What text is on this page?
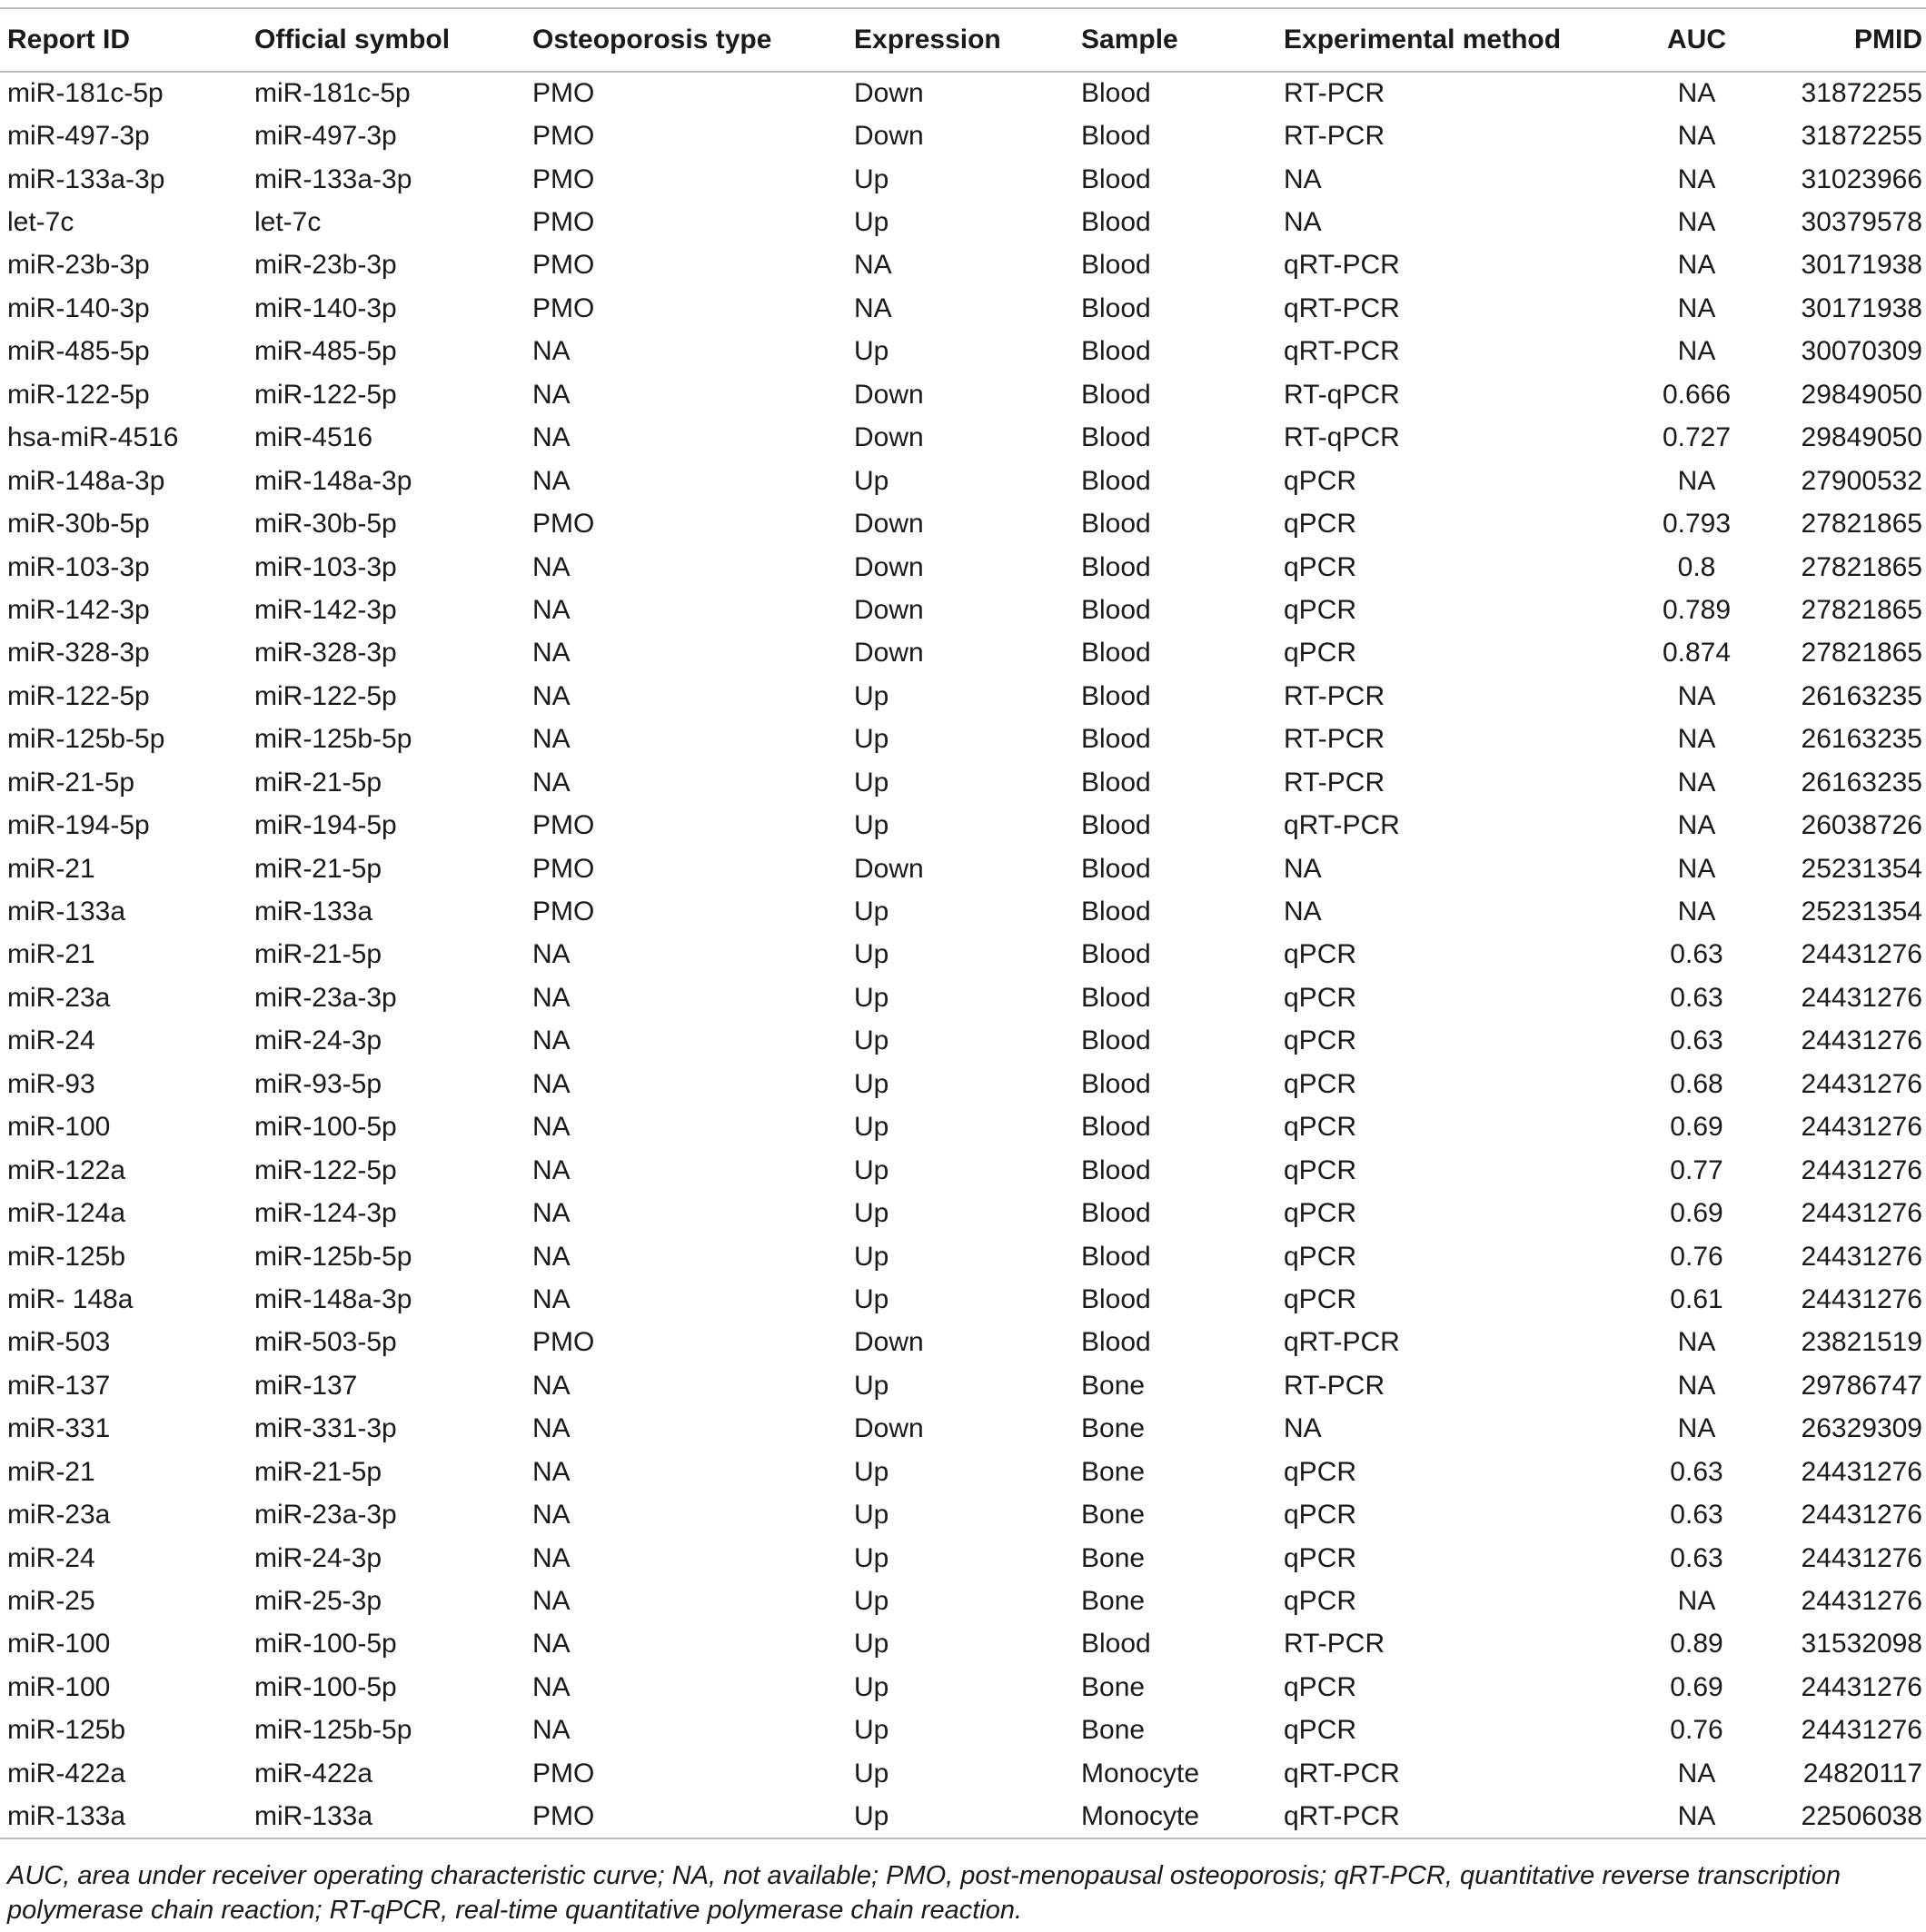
Report ID	Official symbol	Osteoporosis type	Expression	Sample	Experimental method	AUC	PMID
miR-181c-5p	miR-181c-5p	PMO	Down	Blood	RT-PCR	NA	31872255
miR-497-3p	miR-497-3p	PMO	Down	Blood	RT-PCR	NA	31872255
miR-133a-3p	miR-133a-3p	PMO	Up	Blood	NA	NA	31023966
let-7c	let-7c	PMO	Up	Blood	NA	NA	30379578
miR-23b-3p	miR-23b-3p	PMO	NA	Blood	qRT-PCR	NA	30171938
miR-140-3p	miR-140-3p	PMO	NA	Blood	qRT-PCR	NA	30171938
miR-485-5p	miR-485-5p	NA	Up	Blood	qRT-PCR	NA	30070309
miR-122-5p	miR-122-5p	NA	Down	Blood	RT-qPCR	0.666	29849050
hsa-miR-4516	miR-4516	NA	Down	Blood	RT-qPCR	0.727	29849050
miR-148a-3p	miR-148a-3p	NA	Up	Blood	qPCR	NA	27900532
miR-30b-5p	miR-30b-5p	PMO	Down	Blood	qPCR	0.793	27821865
miR-103-3p	miR-103-3p	NA	Down	Blood	qPCR	0.8	27821865
miR-142-3p	miR-142-3p	NA	Down	Blood	qPCR	0.789	27821865
miR-328-3p	miR-328-3p	NA	Down	Blood	qPCR	0.874	27821865
miR-122-5p	miR-122-5p	NA	Up	Blood	RT-PCR	NA	26163235
miR-125b-5p	miR-125b-5p	NA	Up	Blood	RT-PCR	NA	26163235
miR-21-5p	miR-21-5p	NA	Up	Blood	RT-PCR	NA	26163235
miR-194-5p	miR-194-5p	PMO	Up	Blood	qRT-PCR	NA	26038726
miR-21	miR-21-5p	PMO	Down	Blood	NA	NA	25231354
miR-133a	miR-133a	PMO	Up	Blood	NA	NA	25231354
miR-21	miR-21-5p	NA	Up	Blood	qPCR	0.63	24431276
miR-23a	miR-23a-3p	NA	Up	Blood	qPCR	0.63	24431276
miR-24	miR-24-3p	NA	Up	Blood	qPCR	0.63	24431276
miR-93	miR-93-5p	NA	Up	Blood	qPCR	0.68	24431276
miR-100	miR-100-5p	NA	Up	Blood	qPCR	0.69	24431276
miR-122a	miR-122-5p	NA	Up	Blood	qPCR	0.77	24431276
miR-124a	miR-124-3p	NA	Up	Blood	qPCR	0.69	24431276
miR-125b	miR-125b-5p	NA	Up	Blood	qPCR	0.76	24431276
miR- 148a	miR-148a-3p	NA	Up	Blood	qPCR	0.61	24431276
miR-503	miR-503-5p	PMO	Down	Blood	qRT-PCR	NA	23821519
miR-137	miR-137	NA	Up	Bone	RT-PCR	NA	29786747
miR-331	miR-331-3p	NA	Down	Bone	NA	NA	26329309
miR-21	miR-21-5p	NA	Up	Bone	qPCR	0.63	24431276
miR-23a	miR-23a-3p	NA	Up	Bone	qPCR	0.63	24431276
miR-24	miR-24-3p	NA	Up	Bone	qPCR	0.63	24431276
miR-25	miR-25-3p	NA	Up	Bone	qPCR	NA	24431276
miR-100	miR-100-5p	NA	Up	Blood	RT-PCR	0.89	31532098
miR-100	miR-100-5p	NA	Up	Bone	qPCR	0.69	24431276
miR-125b	miR-125b-5p	NA	Up	Bone	qPCR	0.76	24431276
miR-422a	miR-422a	PMO	Up	Monocyte	qRT-PCR	NA	24820117
miR-133a	miR-133a	PMO	Up	Monocyte	qRT-PCR	NA	22506038
AUC, area under receiver operating characteristic curve; NA, not available; PMO, post-menopausal osteoporosis; qRT-PCR, quantitative reverse transcription polymerase chain reaction; RT-qPCR, real-time quantitative polymerase chain reaction.
